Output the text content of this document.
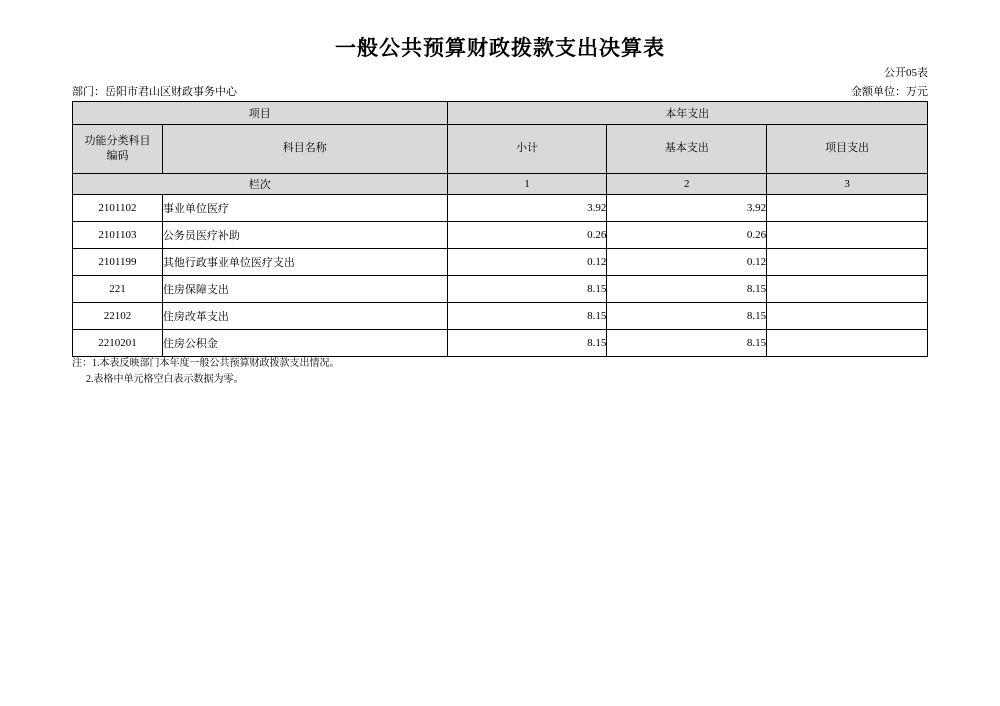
一般公共预算财政拨款支出决算表
公开05表
部门：岳阳市君山区财政事务中心	金额单位：万元
项目		本年支出		
功能分类科目
编码	科目名称	小计	基本支出	项目支出
栏次		1	2	3
2101102	事业单位医疗	3.92	3.92	
2101103	公务员医疗补助	0.26	0.26	
2101199	其他行政事业单位医疗支出	0.12	0.12	
221	住房保障支出	8.15	8.15	
22102	住房改革支出	8.15	8.15	
2210201	住房公积金	8.15	8.15	
注：1.本表反映部门本年度一般公共预算财政拨款支出情况。
2.表格中单元格空白表示数据为零。
